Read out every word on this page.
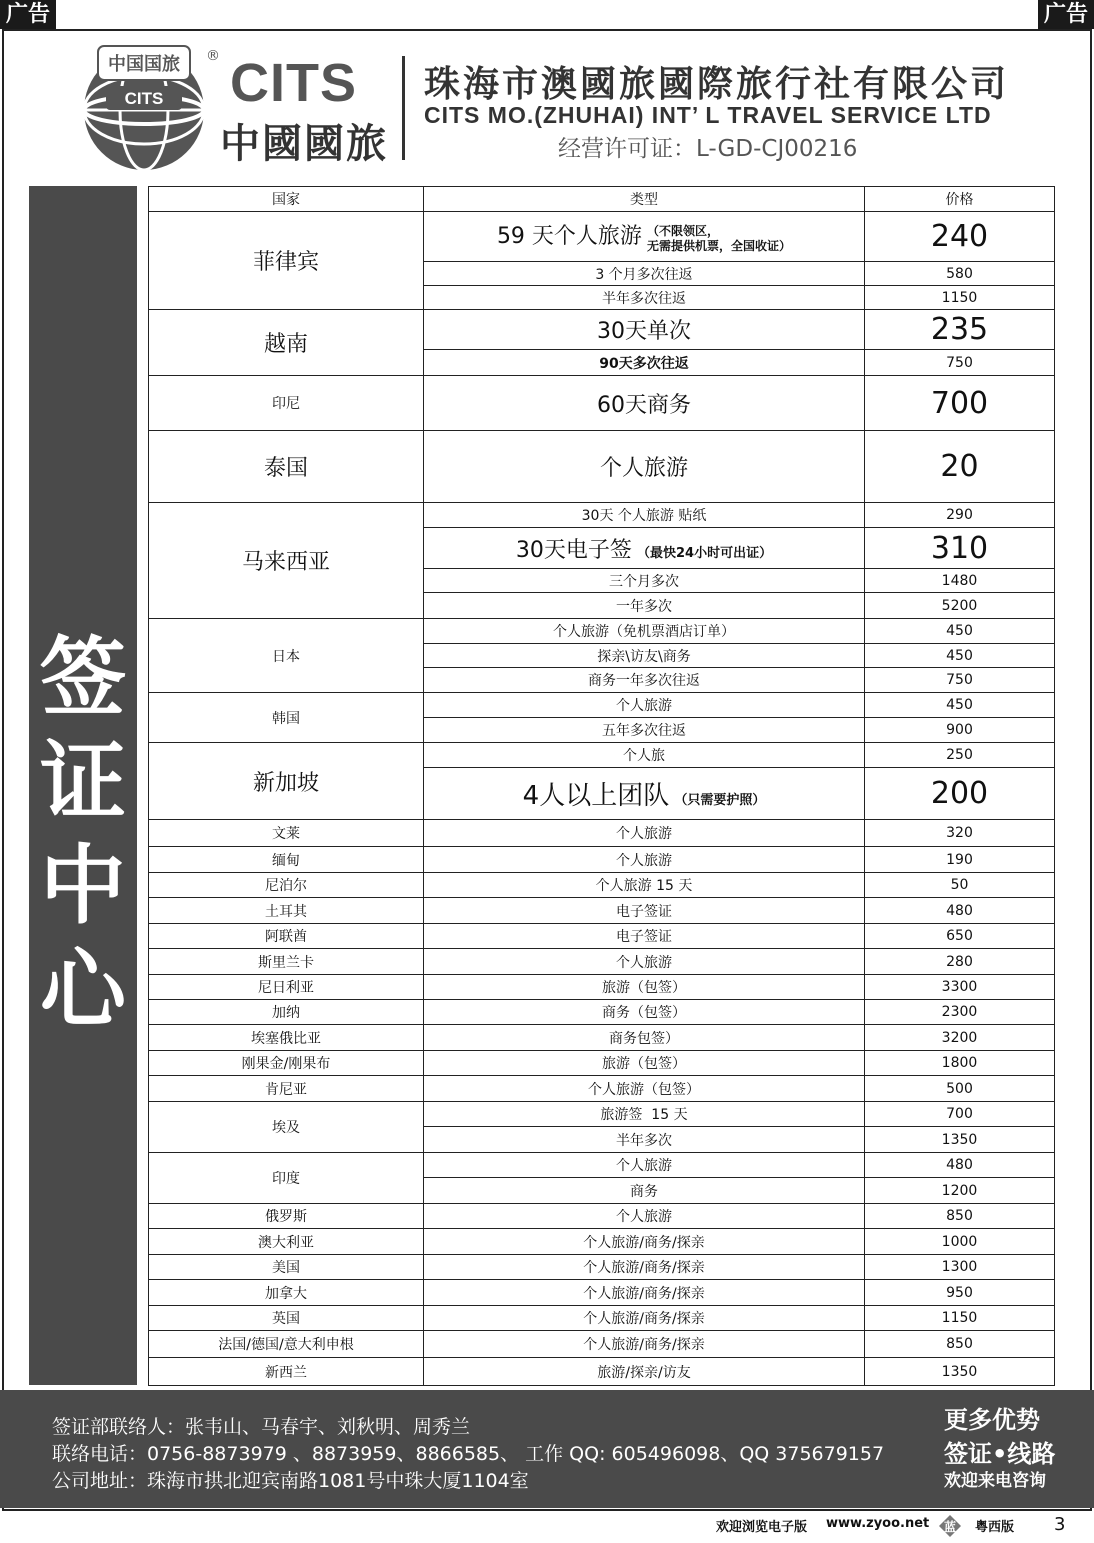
广告	广告
中国国旅
CITS
® CITS
中國國旅
珠海市澳國旅國際旅行社有限公司
CITS MO.(ZHUHAI) INT’ L TRAVEL SERVICE LTD
经营许可证：L-GD-CJ00216
签
证
中
心
国家	类型	价格
菲律宾	59 天个人旅游 （不限领区，
无需提供机票，全国收证）	240
	3 个月多次往返	580
	半年多次往返	1150
越南	30天单次	235
	90天多次往返	750
印尼	60天商务	700
泰国	个人旅游	20
马来西亚	30天 个人旅游 贴纸	290
	30天电子签 （最快24小时可出证）	310
	三个月多次	1480
	一年多次	5200
日本	个人旅游（免机票酒店订单）	450
	探亲\访友\商务	450
	商务一年多次往返	750
韩国	个人旅游	450
	五年多次往返	900
新加坡	个人旅	250
	4人以上团队 （只需要护照）	200
文莱	个人旅游	320
缅甸	个人旅游	190
尼泊尔	个人旅游 15 天	50
土耳其	电子签证	480
阿联酋	电子签证	650
斯里兰卡	个人旅游	280
尼日利亚	旅游（包签）	3300
加纳	商务（包签）	2300
埃塞俄比亚	商务包签）	3200
刚果金/刚果布	旅游（包签）	1800
肯尼亚	个人旅游（包签）	500
埃及	旅游签  15 天	700
	半年多次	1350
印度	个人旅游	480
	商务	1200
俄罗斯	个人旅游	850
澳大利亚	个人旅游/商务/探亲	1000
美国	个人旅游/商务/探亲	1300
加拿大	个人旅游/商务/探亲	950
英国	个人旅游/商务/探亲	1150
法国/德国/意大利申根	个人旅游/商务/探亲	850
新西兰	旅游/探亲/访友	1350
签证部联络人：张韦山、马春宇、刘秋明、周秀兰
联络电话：0756-8873979 、8873959、8866585、 工作 QQ: 605496098、QQ 375679157
公司地址：珠海市拱北迎宾南路1081号中珠大厦1104室
更多优势
签证•线路
欢迎来电咨询
欢迎浏览电子版 www.zyoo.net 蓝 粤西版 3
